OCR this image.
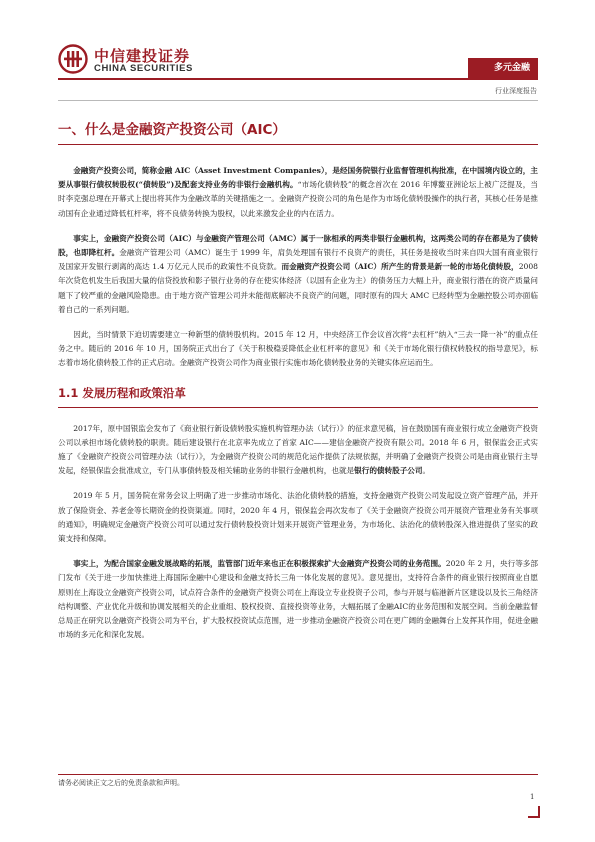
中信建投证券
CHINA SECURITIES	多元金融
行业深度报告
一、什么是金融资产投资公司（AIC）

金融资产投资公司，简称金融 AIC（Asset Investment Companies），是经国务院银行业监督管理机构批准，在中国境内设立的，主要从事银行债权转股权(“债转股”)及配套支持业务的非银行金融机构。“市场化债转股”的概念首次在 2016 年博鳌亚洲论坛上被广泛提及，当时李克强总理在开幕式上提出将其作为金融改革的关键措施之一。金融资产投资公司的角色是作为市场化债转股操作的执行者，其核心任务是推动国有企业通过降低杠杆率，将不良债务转换为股权，以此来激发企业的内在活力。

事实上，金融资产投资公司（AIC）与金融资产管理公司（AMC）属于一脉相承的两类非银行金融机构，这两类公司的存在都是为了债转股，也即降杠杆。金融资产管理公司（AMC）诞生于 1999 年，肩负处理国有银行不良资产的责任，其任务是接收当时来自四大国有商业银行及国家开发银行剥离的高达 1.4 万亿元人民币的政策性不良贷款。而金融资产投资公司（AIC）所产生的背景是新一轮的市场化债转股，2008 年次贷危机发生后我国大量的信贷投放和影子银行业务的存在使实体经济（以国有企业为主）的债务压力大幅上升，商业银行潜在的资产质量问题下了较严重的金融风险隐患。由于地方资产管理公司并未能彻底解决不良资产的问题，同时原有的四大 AMC 已经转型为金融控股公司亦面临着自己的一系列问题。

因此，当时情景下迫切需要建立一种新型的债转股机构。2015 年 12 月，中央经济工作会议首次将“去杠杆”纳入“三去一降一补”的重点任务之中。随后的 2016 年 10 月，国务院正式出台了《关于积极稳妥降低企业杠杆率的意见》和《关于市场化银行债权转股权的指导意见》，标志着市场化债转股工作的正式启动。金融资产投资公司作为商业银行实施市场化债转股业务的关键实体应运而生。

1.1 发展历程和政策沿革

2017年，原中国银监会发布了《商业银行新设债转股实施机构管理办法（试行）》的征求意见稿，旨在鼓励国有商业银行成立金融资产投资公司以承担市场化债转股的职责。随后建设银行在北京率先成立了首家 AIC——建信金融资产投资有限公司。2018 年 6 月，银保监会正式实施了《金融资产投资公司管理办法（试行）》，为金融资产投资公司的规范化运作提供了法规依据，并明确了金融资产投资公司是由商业银行主导发起，经银保监会批准成立，专门从事债转股及相关辅助业务的非银行金融机构，也就是银行的债转股子公司。

2019 年 5 月，国务院在常务会议上明确了进一步推动市场化、法治化债转股的措施，支持金融资产投资公司发起设立资产管理产品，并开放了保险资金、养老金等长期资金的投资渠道。同时，2020 年 4 月，银保监会再次发布了《关于金融资产投资公司开展资产管理业务有关事项的通知》，明确规定金融资产投资公司可以通过发行债转股投资计划来开展资产管理业务，为市场化、法治化的债转股深入推进提供了坚实的政策支持和保障。

事实上，为配合国家金融发展战略的拓展，监管部门近年来也正在积极探索扩大金融资产投资公司的业务范围。2020 年 2 月，央行等多部门发布《关于进一步加快推进上海国际金融中心建设和金融支持长三角一体化发展的意见》。意见提出，支持符合条件的商业银行按照商业自愿原则在上海设立金融资产投资公司，试点符合条件的金融资产投资公司在上海设立专业投资子公司，参与开展与临港新片区建设以及长三角经济结构调整、产业优化升级和协调发展相关的企业重组、股权投资、直接投资等业务，大幅拓展了金融AIC的业务范围和发展空间。当前金融监督总局正在研究以金融资产投资公司为平台，扩大股权投资试点范围，进一步推动金融资产投资公司在更广阔的金融舞台上发挥其作用，促进金融市场的多元化和深化发展。

请务必阅读正文之后的免责条款和声明。
1
